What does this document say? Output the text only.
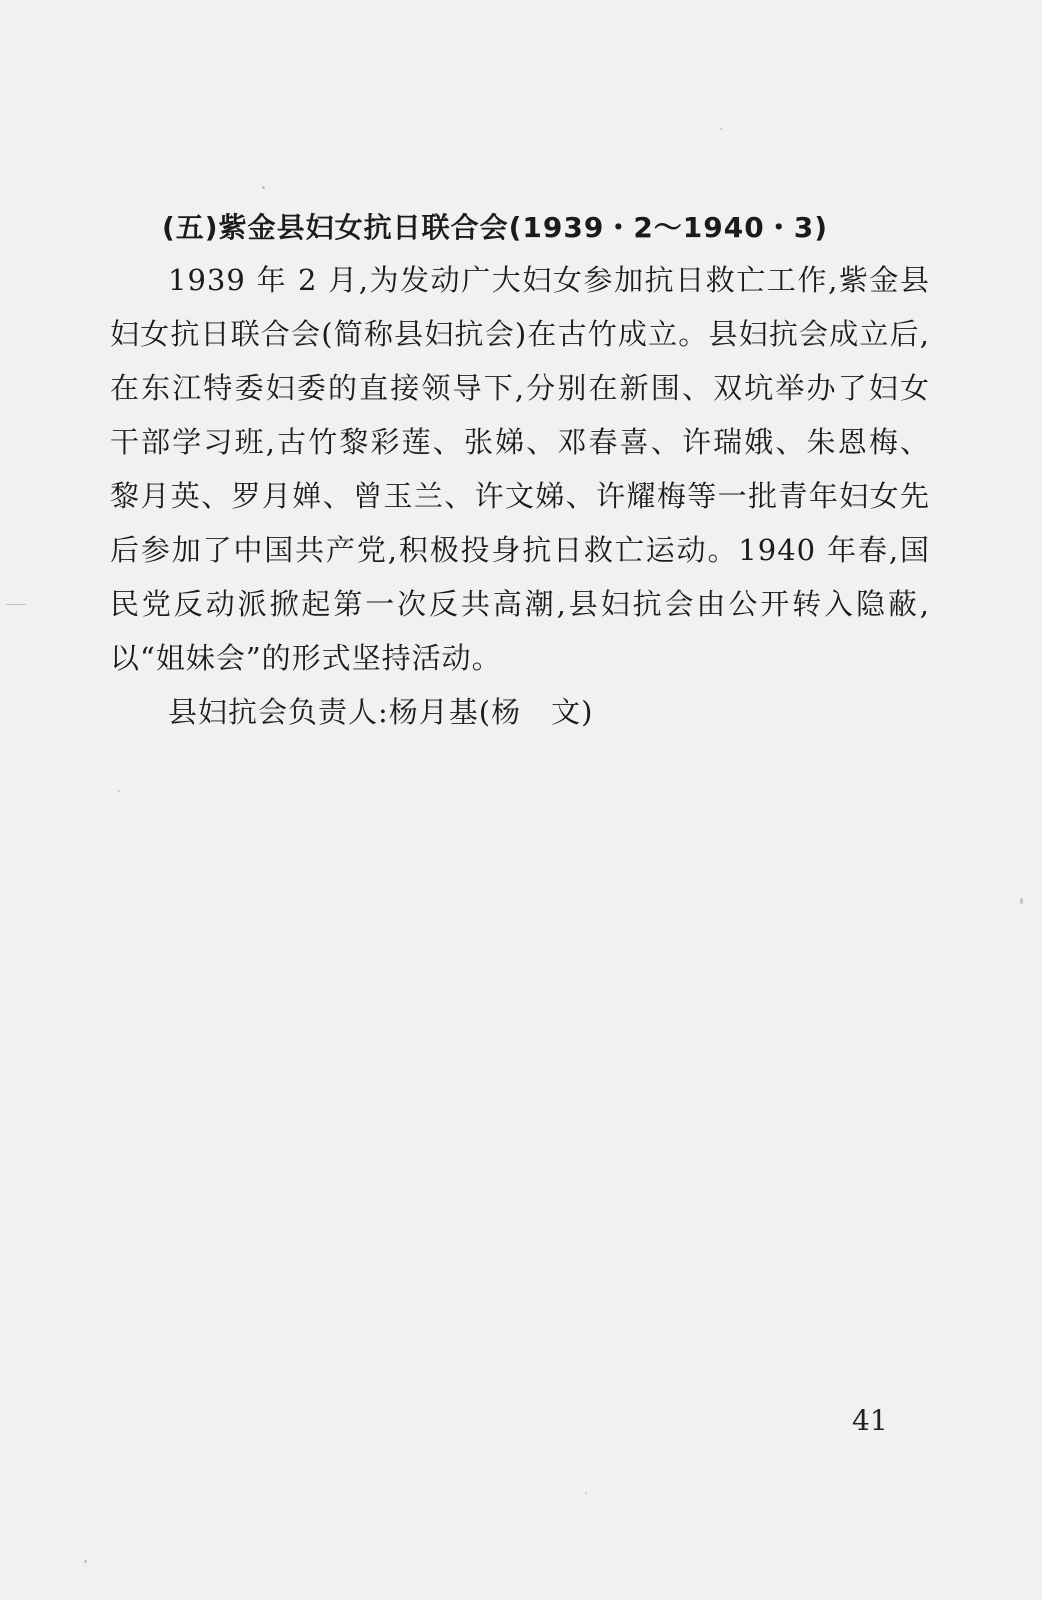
(五)紫金县妇女抗日联合会(1939・2～1940・3)

1939 年 2 月,为发动广大妇女参加抗日救亡工作,紫金县妇女抗日联合会(简称县妇抗会)在古竹成立。县妇抗会成立后,在东江特委妇委的直接领导下,分别在新围、双坑举办了妇女干部学习班,古竹黎彩莲、张娣、邓春喜、许瑞娥、朱恩梅、黎月英、罗月婵、曾玉兰、许文娣、许耀梅等一批青年妇女先后参加了中国共产党,积极投身抗日救亡运动。1940 年春,国民党反动派掀起第一次反共高潮,县妇抗会由公开转入隐蔽,以“姐妹会”的形式坚持活动。

县妇抗会负责人:杨月基(杨　文)

41
